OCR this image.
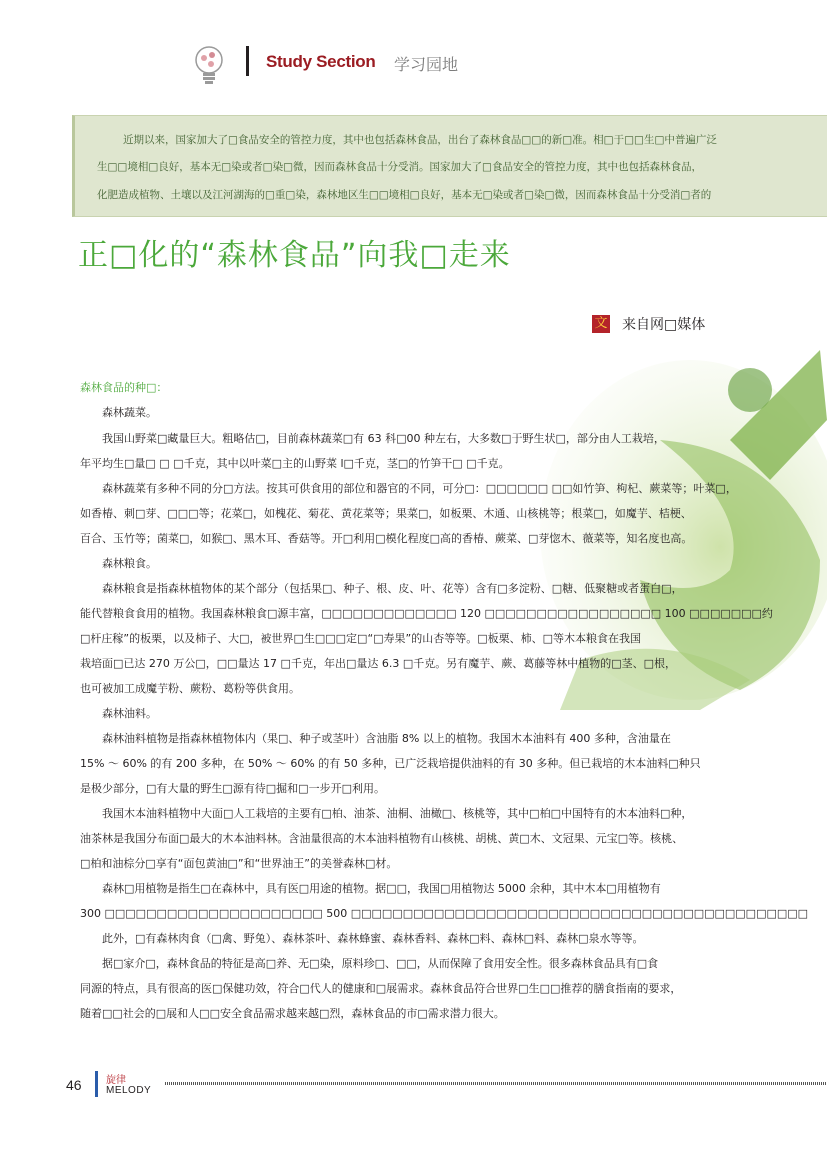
Study Section 学习园地
近期以来，国家加大了□食品安全的管控力度，其中也包括森林食品，出台了森林食品□□的新□准。相□于□□生□中普遍广泛
生□□境相□良好，基本无□染或者□染□微，因而森林食品十分受消。国家加大了□食品安全的管控力度，其中也包括森林食品，
化肥造成植物、土壤以及江河湖海的□重□染，森林地区生□□境相□良好，基本无□染或者□染□微，因而森林食品十分受消□者的
正□化的“森林食品”向我□走来
文 来自网□媒体
森林食品的种□：
森林蔬菜。
我国山野菜□藏量巨大。粗略估□，目前森林蔬菜□有 63 科□00 种左右，大多数□于野生状□，部分由人工栽培，
年平均生□量□ □ □千克，其中以叶菜□主的山野菜 l□千克，茎□的竹笋干□ □千克。
森林蔬菜有多种不同的分□方法。按其可供食用的部位和器官的不同，可分□：□□□□□□ □□如竹笋、枸杞、蕨菜等；叶菜□，
如香椿、刺□芽、□□□等；花菜□，如槐花、菊花、黄花菜等；果菜□，如板栗、木通、山核桃等；根菜□，如魔芋、桔梗、
百合、玉竹等；菌菜□，如猴□、黑木耳、香菇等。开□利用□模化程度□高的香椿、蕨菜、□芽惚木、薇菜等，知名度也高。
森林粮食。
森林粮食是指森林植物体的某个部分（包括果□、种子、根、皮、叶、花等）含有□多淀粉、□糖、低聚糖或者蛋白□，
能代替粮食食用的植物。我国森林粮食□源丰富，□□□□□□□□□□□□□ 120 □□□□□□□□□□□□□□□□□ 100 □□□□□□□约
□杆庄稼”的板栗，以及柿子、大□，被世界□生□□□定□“□寿果”的山杏等等。□板栗、柿、□等木本粮食在我国
栽培面□已达 270 万公□，□□量达 17 □千克，年出□量达 6.3 □千克。另有魔芋、蕨、葛藤等林中植物的□茎、□根，
也可被加工成魔芋粉、蕨粉、葛粉等供食用。
森林油料。
森林油料植物是指森林植物体内（果□、种子或茎叶）含油脂 8% 以上的植物。我国木本油料有 400 多种，含油量在
15% ～ 60% 的有 200 多种，在 50% ～ 60% 的有 50 多种，已广泛栽培提供油料的有 30 多种。但已栽培的木本油料□种只
是极少部分，□有大量的野生□源有待□掘和□一步开□利用。
我国木本油料植物中大面□人工栽培的主要有□柏、油茶、油桐、油橄□、核桃等，其中□柏□中国特有的木本油料□种，
油茶林是我国分布面□最大的木本油料林。含油量很高的木本油料植物有山核桃、胡桃、黄□木、文冠果、元宝□等。核桃、
□柏和油棕分□享有“面包黄油□”和“世界油王”的美誉森林□材。
森林□用植物是指生□在森林中，具有医□用途的植物。据□□，我国□用植物达 5000 余种，其中木本□用植物有
300 □□□□□□□□□□□□□□□□□□□□□ 500 □□□□□□□□□□□□□□□□□□□□□□□□□□□□□□□□□□□□□□□□□□□□
此外，□有森林肉食（□禽、野兔）、森林茶叶、森林蜂蜜、森林香料、森林□料、森林□料、森林□泉水等等。
据□家介□，森林食品的特征是高□养、无□染，原料珍□、□□，从而保障了食用安全性。很多森林食品具有□食
同源的特点，具有很高的医□保健功效，符合□代人的健康和□展需求。森林食品符合世界□生□□推荐的膳食指南的要求，
随着□□社会的□展和人□□安全食品需求越来越□烈，森林食品的市□需求潜力很大。
46 旋律
MELODY
